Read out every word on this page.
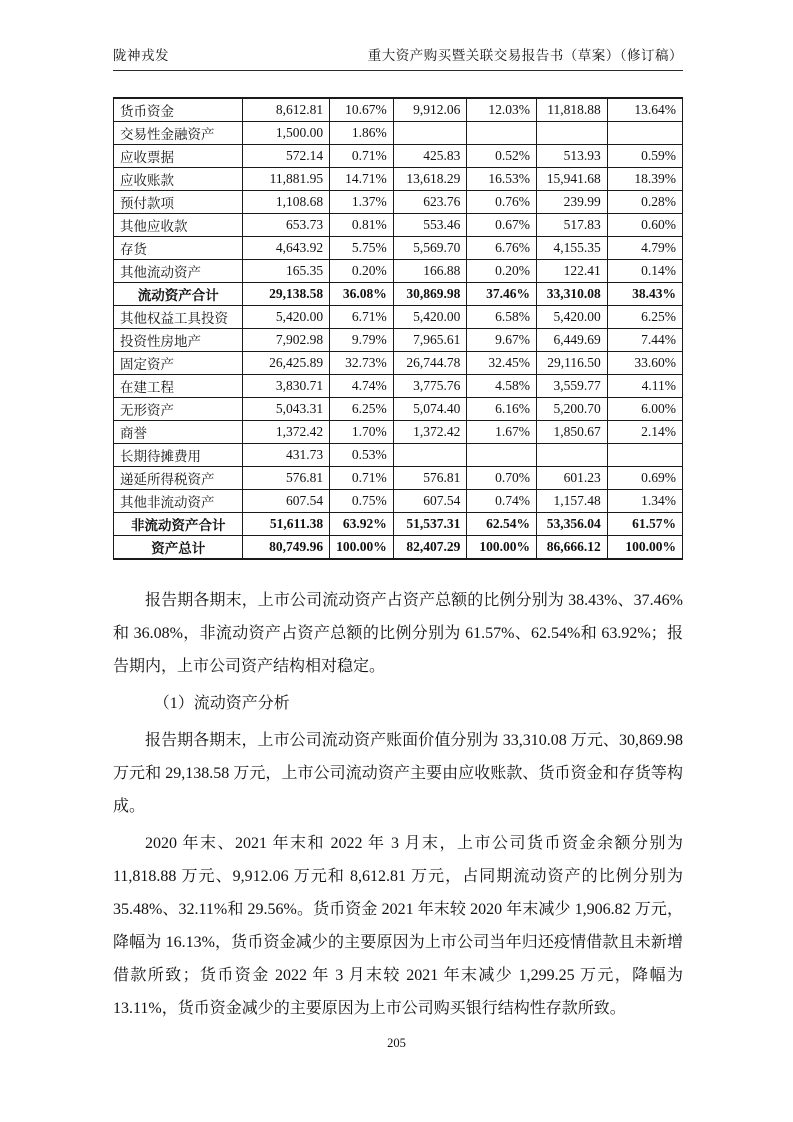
陇神戎发	重大资产购买暨关联交易报告书（草案）（修订稿）
货币资金	8,612.81	10.67%	9,912.06	12.03%	11,818.88	13.64%
交易性金融资产	1,500.00	1.86%				
应收票据	572.14	0.71%	425.83	0.52%	513.93	0.59%
应收账款	11,881.95	14.71%	13,618.29	16.53%	15,941.68	18.39%
预付款项	1,108.68	1.37%	623.76	0.76%	239.99	0.28%
其他应收款	653.73	0.81%	553.46	0.67%	517.83	0.60%
存货	4,643.92	5.75%	5,569.70	6.76%	4,155.35	4.79%
其他流动资产	165.35	0.20%	166.88	0.20%	122.41	0.14%
流动资产合计	29,138.58	36.08%	30,869.98	37.46%	33,310.08	38.43%
其他权益工具投资	5,420.00	6.71%	5,420.00	6.58%	5,420.00	6.25%
投资性房地产	7,902.98	9.79%	7,965.61	9.67%	6,449.69	7.44%
固定资产	26,425.89	32.73%	26,744.78	32.45%	29,116.50	33.60%
在建工程	3,830.71	4.74%	3,775.76	4.58%	3,559.77	4.11%
无形资产	5,043.31	6.25%	5,074.40	6.16%	5,200.70	6.00%
商誉	1,372.42	1.70%	1,372.42	1.67%	1,850.67	2.14%
长期待摊费用	431.73	0.53%				
递延所得税资产	576.81	0.71%	576.81	0.70%	601.23	0.69%
其他非流动资产	607.54	0.75%	607.54	0.74%	1,157.48	1.34%
非流动资产合计	51,611.38	63.92%	51,537.31	62.54%	53,356.04	61.57%
资产总计	80,749.96	100.00%	82,407.29	100.00%	86,666.12	100.00%

报告期各期末，上市公司流动资产占资产总额的比例分别为 38.43%、37.46%和 36.08%，非流动资产占资产总额的比例分别为 61.57%、62.54%和 63.92%；报告期内，上市公司资产结构相对稳定。

（1）流动资产分析

报告期各期末，上市公司流动资产账面价值分别为 33,310.08 万元、30,869.98 万元和 29,138.58 万元，上市公司流动资产主要由应收账款、货币资金和存货等构成。

2020 年末、2021 年末和 2022 年 3 月末，上市公司货币资金余额分别为 11,818.88 万元、9,912.06 万元和 8,612.81 万元，占同期流动资产的比例分别为 35.48%、32.11%和 29.56%。货币资金 2021 年末较 2020 年末减少 1,906.82 万元，降幅为 16.13%，货币资金减少的主要原因为上市公司当年归还疫情借款且未新增借款所致；货币资金 2022 年 3 月末较 2021 年末减少 1,299.25 万元，降幅为 13.11%，货币资金减少的主要原因为上市公司购买银行结构性存款所致。

205
